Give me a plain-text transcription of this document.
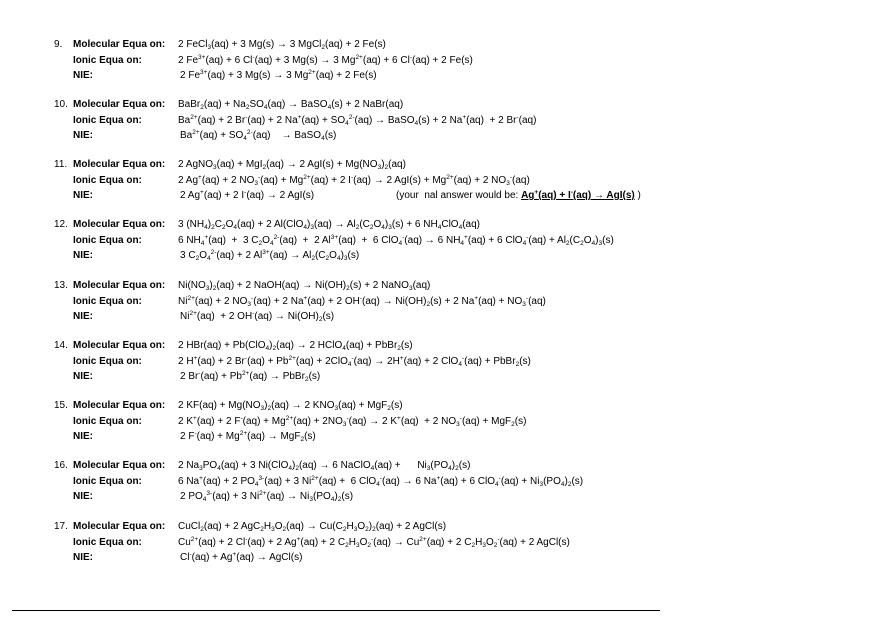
9. Molecular Equa on: 2 FeCl$_3$(aq) + 3 Mg(s) → 3 MgCl$_2$(aq) + 2 Fe(s)
Ionic Equa on:	2 $Fe^{3+}(aq) + 6$ Cl-(aq) + 3 Mg(s) → 3 $Mg^{2+}(aq) + 6$ Cl-(aq) + 2 Fe(s)
NIE:	2 $Fe^{3+}(aq) + 3$ Mg(s) → 3 $Mg^{2+}(aq) + 2$ Fe(s)
10. Molecular Equa on: BaBr$_2$(aq) + $Na_2SO_4(aq)$ → BaSO$_4$(s) + 2 NaBr(aq)
Ionic Equa on:	$Ba^{2+}(aq) + 2$ Br-(aq) + 2 $Na^+(aq) + SO_4^{2-}(aq)$ → BaSO$_4$(s) + 2 Na+(aq)  + 2 Br-(aq)
NIE:	$Ba^{2+}(aq) + SO_4^{2-}(aq)$    → BaSO$_4$(s)
11. Molecular Equa on: 2 AgNO$_3$(aq) + MgI$_2$(aq) → 2 $AgI(s) + Mg(NO_3)_2(aq)$
Ionic Equa on:	2 Ag+(aq) + 2 $NO_3^-(aq) + Mg^{2+}(aq) + 2$ I-(aq) → 2 $AgI(s) + Mg^{2+}(aq) + 2$ $NO_3^-(aq)$
NIE:	2 Ag+(aq) + 2 I-(aq) → 2 AgI(s)	(your  nal answer would be: Ag+(aq) + I-(aq) → AgI(s) )
12. Molecular Equa on: 3 $(NH_4)_2C_2O_4(aq) + 2$ $Al(ClO_4)_3(aq) \to Al_2(C_2O_4)_3(s) + 6$ $NH_4ClO_4(aq)$
Ionic Equa on:	6 $NH_4^+(aq) + 3$ $C_2O_4^{2-}(aq) + 2$ $Al^{3+}(aq) + 6$ ClO$_4$-(aq) → 6 $NH_4^+(aq) + 6$ $ClO_4^-(aq) + Al_2(C_2O_4)_3(s)$
NIE:	3 $C_2O_4^{2-}(aq) + 2$ $Al^{3+}(aq) \to Al_2(C_2O_4)_3(s)$
13. Molecular Equa on: $Ni(NO_3)_2(aq) + 2$ NaOH(aq) → $Ni(OH)_2(s) + 2$ NaNO$_3$(aq)
Ionic Equa on:	$Ni^{2+}(aq) + 2$ $NO_3^-(aq) + 2$ Na+(aq) + 2 $OH^-(aq) \to Ni(OH)_2(s) + 2$ $Na^+(aq) + NO_3^-(aq)$
NIE:	$Ni^{2+}(aq) + 2$ $OH^-(aq) \to Ni(OH)_2(s)$
14. Molecular Equa on: 2 $HBr(aq) + Pb(ClO_4)_2(aq) \to 2$ HClO$_4$(aq) + PbBr$_2$(s)
Ionic Equa on:	2 H+(aq) + 2 $Br^-(aq) + Pb^{2+}(aq) + 2ClO_4^-(aq) \to 2H^+(aq) + 2$ ClO$_4$-(aq) + PbBr$_2$(s)
NIE:	2 $Br^-(aq) + Pb^{2+}(aq)$ → PbBr$_2$(s)
15. Molecular Equa on: 2 $KF(aq) + Mg(NO_3)_2(aq) \to 2$ $KNO_3(aq) + MgF_2(s)$
Ionic Equa on:	2 K+(aq) + 2 $F^-(aq) + Mg^{2+}(aq) + 2NO_3^-(aq) \to 2$ K+(aq)  + 2 $NO_3^-(aq) + MgF_2(s)$
NIE:	2 $F^-(aq) + Mg^{2+}(aq) \to MgF_2(s)$
16. Molecular Equa on: 2 $Na_3PO_4(aq) + 3$ $Ni(ClO_4)_2(aq) \to 6$ NaClO$_4$(aq) +      $Ni_3(PO_4)_2(s)$
Ionic Equa on:	6 Na+(aq) + 2 $PO_4^{3-}(aq) + 3$ $Ni^{2+}(aq) + 6$ ClO$_4$-(aq) → 6 Na+(aq) + 6 $ClO_4^-(aq) + Ni_3(PO_4)_2(s)$
NIE:	2 $PO_4^{3-}(aq) + 3$ $Ni^{2+}(aq) \to Ni_3(PO_4)_2(s)$
17. Molecular Equa on: CuCl$_2$(aq) + 2 $AgC_2H_3O_2(aq) \to Cu(C_2H_3O_2)_2(aq) + 2$ AgCl(s)
Ionic Equa on:	$Cu^{2+}(aq) + 2$ Cl-(aq) + 2 Ag+(aq) + 2 $C_2H_3O_2^-(aq) \to Cu^{2+}(aq) + 2$ $C_2H_3O_2^-(aq) + 2$ AgCl(s)
NIE:	Cl-(aq) + Ag+(aq) → AgCl(s)
